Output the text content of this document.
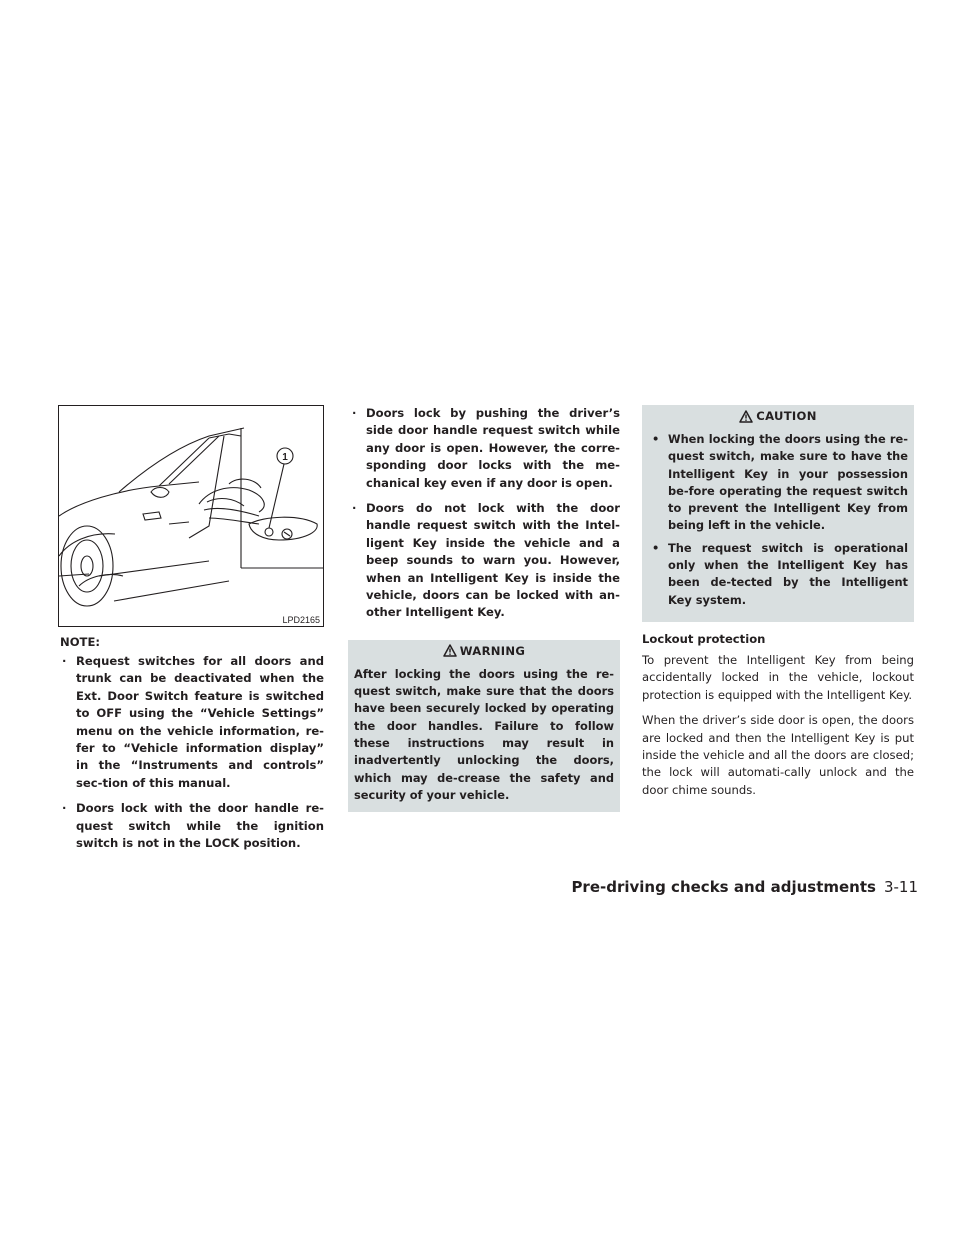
1
LPD2165
NOTE:
· Request switches for all doors and trunk can be deactivated when the Ext. Door Switch feature is switched to OFF using the “Vehicle Settings” menu on the vehicle information, re-fer to “Vehicle information display” in the “Instruments and controls” sec-tion of this manual.
· Doors lock with the door handle re-quest switch while the ignition switch is not in the LOCK position.
· Doors lock by pushing the driver’s side door handle request switch while any door is open. However, the corre-sponding door locks with the me-chanical key even if any door is open.
· Doors do not lock with the door handle request switch with the Intel-ligent Key inside the vehicle and a beep sounds to warn you. However, when an Intelligent Key is inside the vehicle, doors can be locked with an-other Intelligent Key.
WARNING
After locking the doors using the re-quest switch, make sure that the doors have been securely locked by operating the door handles. Failure to follow these instructions may result in inadvertently unlocking the doors, which may de-crease the safety and security of your vehicle.
CAUTION
• When locking the doors using the re-quest switch, make sure to have the Intelligent Key in your possession be-fore operating the request switch to prevent the Intelligent Key from being left in the vehicle.
• The request switch is operational only when the Intelligent Key has been de-tected by the Intelligent Key system.
Lockout protection

To prevent the Intelligent Key from being accidentally locked in the vehicle, lockout protection is equipped with the Intelligent Key.

When the driver’s side door is open, the doors are locked and then the Intelligent Key is put inside the vehicle and all the doors are closed; the lock will automati-cally unlock and the door chime sounds.

Pre-driving checks and adjustments 3-11
